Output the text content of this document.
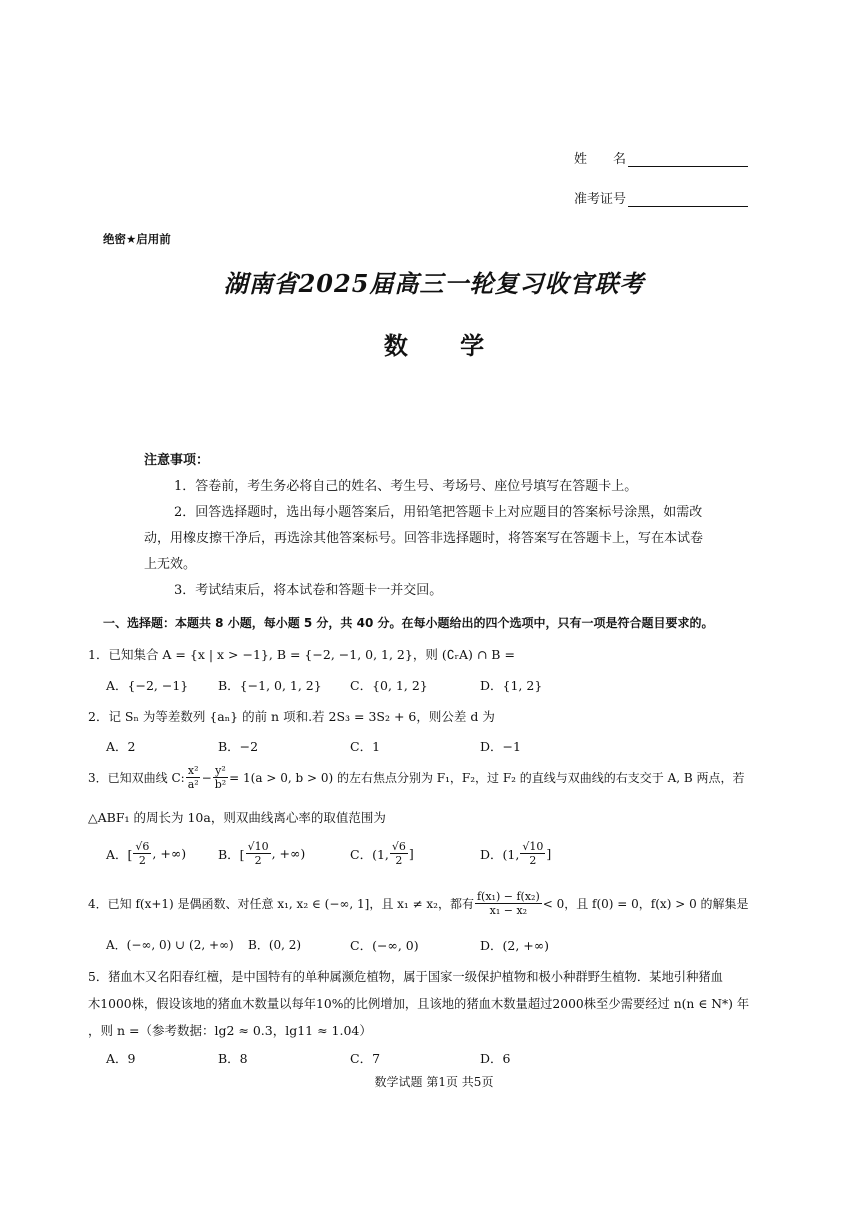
姓　　名
准考证号
绝密★启用前
湖南省2025届高三一轮复习收官联考
数 学
注意事项：
1．答卷前，考生务必将自己的姓名、考生号、考场号、座位号填写在答题卡上。
2．回答选择题时，选出每小题答案后，用铅笔把答题卡上对应题目的答案标号涂黑，如需改
动，用橡皮擦干净后，再选涂其他答案标号。回答非选择题时，将答案写在答题卡上，写在本试卷
上无效。
3．考试结束后，将本试卷和答题卡一并交回。
一、选择题：本题共 8 小题，每小题 5 分，共 40 分。在每小题给出的四个选项中，只有一项是符合题目要求的。
1．已知集合 A = {x | x > −1}, B = {−2, −1, 0, 1, 2}，则 (∁ᵣA) ∩ B =
A．{−2, −1} B．{−1, 0, 1, 2} C．{0, 1, 2}	D．{1, 2}
2．记 Sₙ 为等差数列 {aₙ} 的前 n 项和.若 2S₃ = 3S₂ + 6，则公差 d 为
A．2	B．−2	C．1	D．−1
3．已知双曲线 C: $\frac{\text{x²}}{\text{a²}} - \frac{\text{y²}}{\text{b²}} = 1(a > 0$, b > 0) 的左右焦点分别为 F₁，F₂，过 F₂ 的直线与双曲线的右支交于 A, B 两点，若
△ABF₁ 的周长为 10a，则双曲线离心率的取值范围为
A．[ $\frac{√6}{2}$ , +∞)	B．[ $\frac{√10}{2}$ , +∞)	C．(1, $\frac{√6}{2}$ ]	D．(1, $\frac{√10}{2}$ ]
4．已知 f(x+1) 是偶函数、对任意 x₁, x₂ ∈ (−∞, 1]，且 x₁ ≠ x₂，都有 $\frac{\text{f(x₁) − f(x₂)}}{\text{x₁ − x₂}} < 0$，且 f(0) = 0，f(x) > 0 的解集是
A．(−∞, 0) ∪ (2, +∞) B．(0, 2)	C．(−∞, 0)	D．(2, +∞)
5．猪血木又名阳春红檀，是中国特有的单种属濒危植物，属于国家一级保护植物和极小种群野生植物．某地引种猪血
木1000株，假设该地的猪血木数量以每年10%的比例增加，且该地的猪血木数量超过2000株至少需要经过 n(n ∈ N*) 年
，则 n =（参考数据：lg2 ≈ 0.3，lg11 ≈ 1.04）
A．9	B．8	C．7	D．6
数学试题 第1页 共5页
